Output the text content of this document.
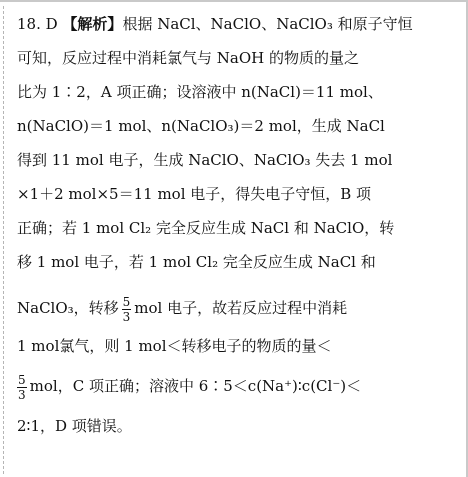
18. D 【解析】根据 NaCl、NaClO、NaClO₃ 和原子守恒
可知，反应过程中消耗氯气与 NaOH 的物质的量之
比为 1∶2，A 项正确；设溶液中 n(NaCl)＝11 mol、
n(NaClO)＝1 mol、n(NaClO₃)＝2 mol，生成 NaCl
得到 11 mol 电子，生成 NaClO、NaClO₃ 失去 1 mol
×1＋2 mol×5＝11 mol 电子，得失电子守恒，B 项
正确；若 1 mol Cl₂ 完全反应生成 NaCl 和 NaClO，转
移 1 mol 电子，若 1 mol Cl₂ 完全反应生成 NaCl 和
NaClO₃，转移 $\frac{5}{3}$ mol 电子，故若反应过程中消耗
1 mol氯气，则 1 mol＜转移电子的物质的量＜
$\frac{5}{3}$ mol，C 项正确；溶液中 6∶5＜c(Na⁺)∶c(Cl⁻)＜
2∶1，D 项错误。
